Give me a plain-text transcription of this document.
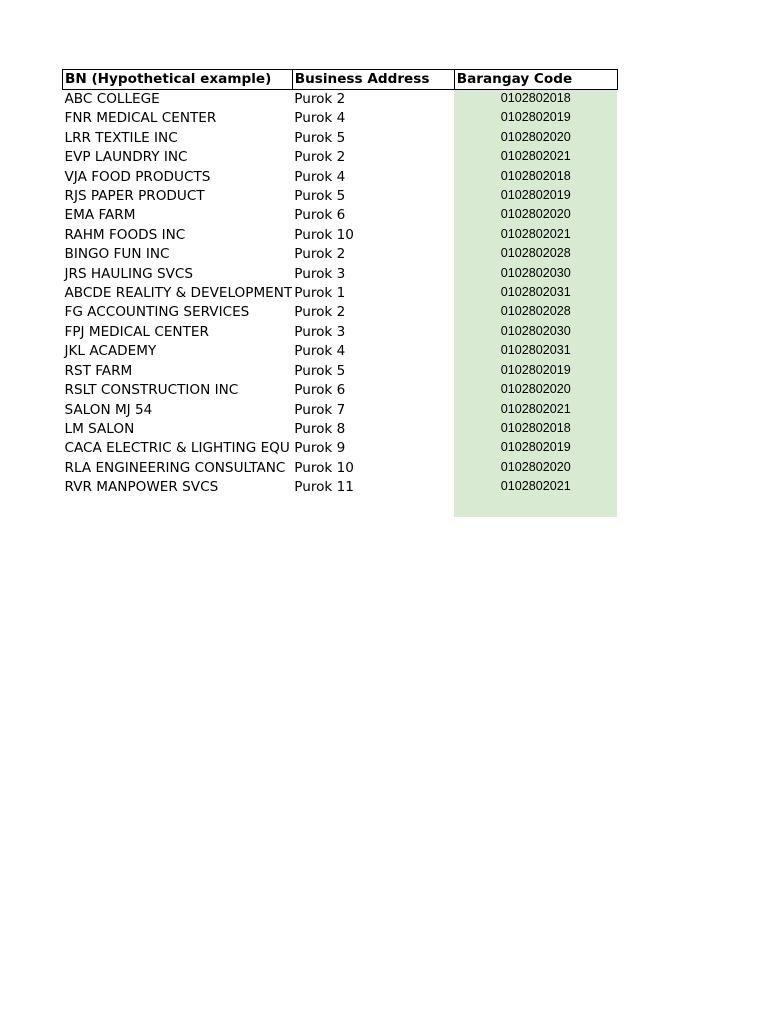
BN (Hypothetical example)	Business Address	Barangay Code
ABC COLLEGE	Purok 2	0102802018
FNR MEDICAL CENTER	Purok 4	0102802019
LRR TEXTILE INC	Purok 5	0102802020
EVP LAUNDRY INC	Purok 2	0102802021
VJA FOOD PRODUCTS	Purok 4	0102802018
RJS PAPER PRODUCT	Purok 5	0102802019
EMA FARM	Purok 6	0102802020
RAHM FOODS INC	Purok 10	0102802021
BINGO FUN INC	Purok 2	0102802028
JRS HAULING SVCS	Purok 3	0102802030
ABCDE REALITY & DEVELOPMENT	Purok 1	0102802031
FG ACCOUNTING SERVICES	Purok 2	0102802028
FPJ MEDICAL CENTER	Purok 3	0102802030
JKL ACADEMY	Purok 4	0102802031
RST FARM	Purok 5	0102802019
RSLT CONSTRUCTION INC	Purok 6	0102802020
SALON MJ 54	Purok 7	0102802021
LM SALON	Purok 8	0102802018
CACA ELECTRIC & LIGHTING EQU	Purok 9	0102802019
RLA ENGINEERING CONSULTANC	Purok 10	0102802020
RVR MANPOWER SVCS	Purok 11	0102802021
